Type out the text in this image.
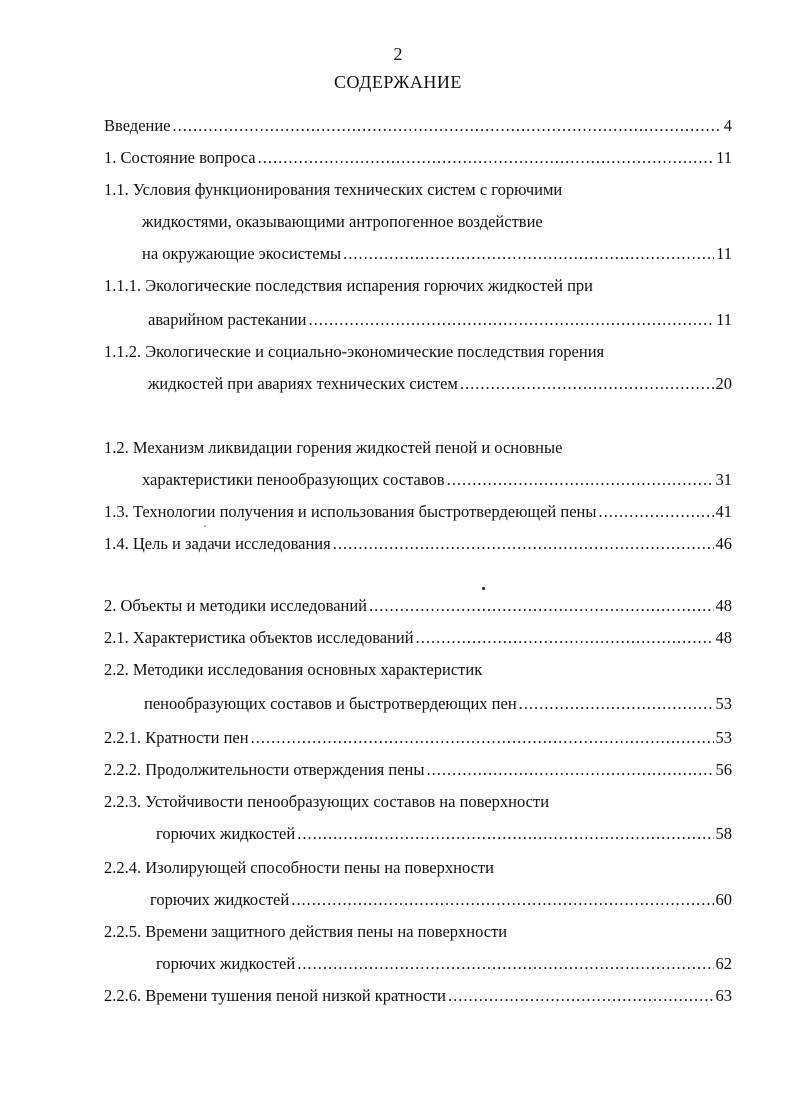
2
СОДЕРЖАНИЕ
Введение .....	4
1. Состояние вопроса .....	11
1.1. Условия функционирования технических систем с горючими
жидкостями, оказывающими антропогенное воздействие
на окружающие экосистемы .....	11
1.1.1. Экологические последствия испарения горючих жидкостей при
аварийном растекании .....	11
1.1.2. Экологические и социально-экономические последствия горения
жидкостей при авариях технических систем .....	20
1.2. Механизм ликвидации горения жидкостей пеной и основные
характеристики пенообразующих составов .....	31
1.3. Технологии получения и использования быстротвердеющей пены .....	41
1.4. Цель и задачи исследования .....	46
2. Объекты и методики исследований .....	48
2.1. Характеристика объектов исследований .....	48
2.2. Методики исследования основных характеристик
пенообразующих составов и быстротвердеющих пен .....	53
2.2.1. Кратности пен .....	53
2.2.2. Продолжительности отверждения пены .....	56
2.2.3. Устойчивости пенообразующих составов на поверхности
горючих жидкостей .....	58
2.2.4. Изолирующей способности пены на поверхности
горючих жидкостей .....	60
2.2.5. Времени защитного действия пены на поверхности
горючих жидкостей .....	62
2.2.6. Времени тушения пеной низкой кратности .....	63
